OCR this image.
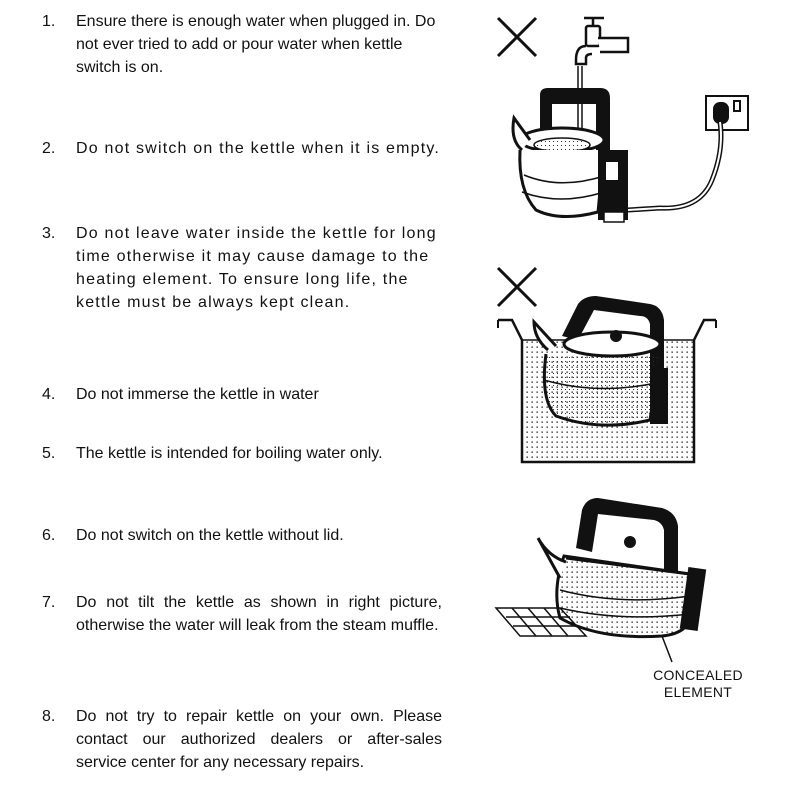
1.	Ensure there is enough water when plugged in. Do not ever tried to add or pour water when kettle switch is on.
2.	Do not switch on the kettle when it is empty.
3.	Do not leave water inside the kettle for long time otherwise it may cause damage to the heating element. To ensure long life, the kettle must be always kept clean.
4.	Do not immerse the kettle in water
5.	The kettle is intended for boiling water only.
6.	Do not switch on the kettle without lid.
7.	Do not tilt the kettle as shown in right picture, otherwise the water will leak from the steam muffle.
8.	Do not try to repair kettle on your own. Please contact our authorized dealers or after-sales service center for any necessary repairs.
CONCEALED
ELEMENT
